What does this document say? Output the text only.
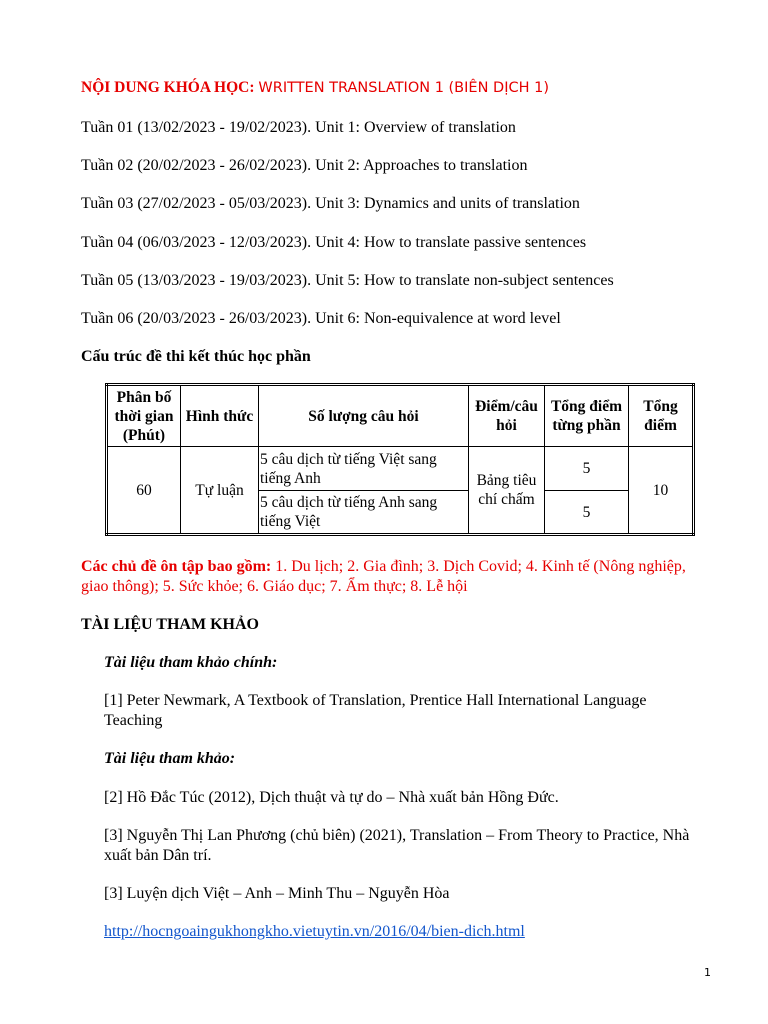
NỘI DUNG KHÓA HỌC: WRITTEN TRANSLATION 1 (BIÊN DỊCH 1)
Tuần 01 (13/02/2023 - 19/02/2023). Unit 1: Overview of translation
Tuần 02 (20/02/2023 - 26/02/2023). Unit 2: Approaches to translation
Tuần 03 (27/02/2023 - 05/03/2023). Unit 3: Dynamics and units of translation
Tuần 04 (06/03/2023 - 12/03/2023). Unit 4: How to translate passive sentences
Tuần 05 (13/03/2023 - 19/03/2023). Unit 5: How to translate non-subject sentences
Tuần 06 (20/03/2023 - 26/03/2023). Unit 6: Non-equivalence at word level
Cấu trúc đề thi kết thúc học phần
Phân bố thời gian (Phút)	Hình thức	Số lượng câu hỏi	Điểm/câu hỏi	Tổng điểm từng phần	Tổng điểm
60	Tự luận	5 câu dịch từ tiếng Việt sang tiếng Anh	Bảng tiêu chí chấm	5	10
		5 câu dịch từ tiếng Anh sang tiếng Việt		5	
Các chủ đề ôn tập bao gồm: 1. Du lịch; 2. Gia đình; 3. Dịch Covid; 4. Kinh tế (Nông nghiệp, giao thông); 5. Sức khỏe; 6. Giáo dục; 7. Ẩm thực; 8. Lễ hội
TÀI LIỆU THAM KHẢO
Tài liệu tham khảo chính:
[1] Peter Newmark, A Textbook of Translation, Prentice Hall International Language Teaching
Tài liệu tham khảo:
[2] Hồ Đắc Túc (2012), Dịch thuật và tự do – Nhà xuất bản Hồng Đức.
[3] Nguyễn Thị Lan Phương (chủ biên) (2021), Translation – From Theory to Practice, Nhà xuất bản Dân trí.
[3] Luyện dịch Việt – Anh – Minh Thu – Nguyễn Hòa
http://hocngoaingukhongkho.vietuytin.vn/2016/04/bien-dich.html
1
